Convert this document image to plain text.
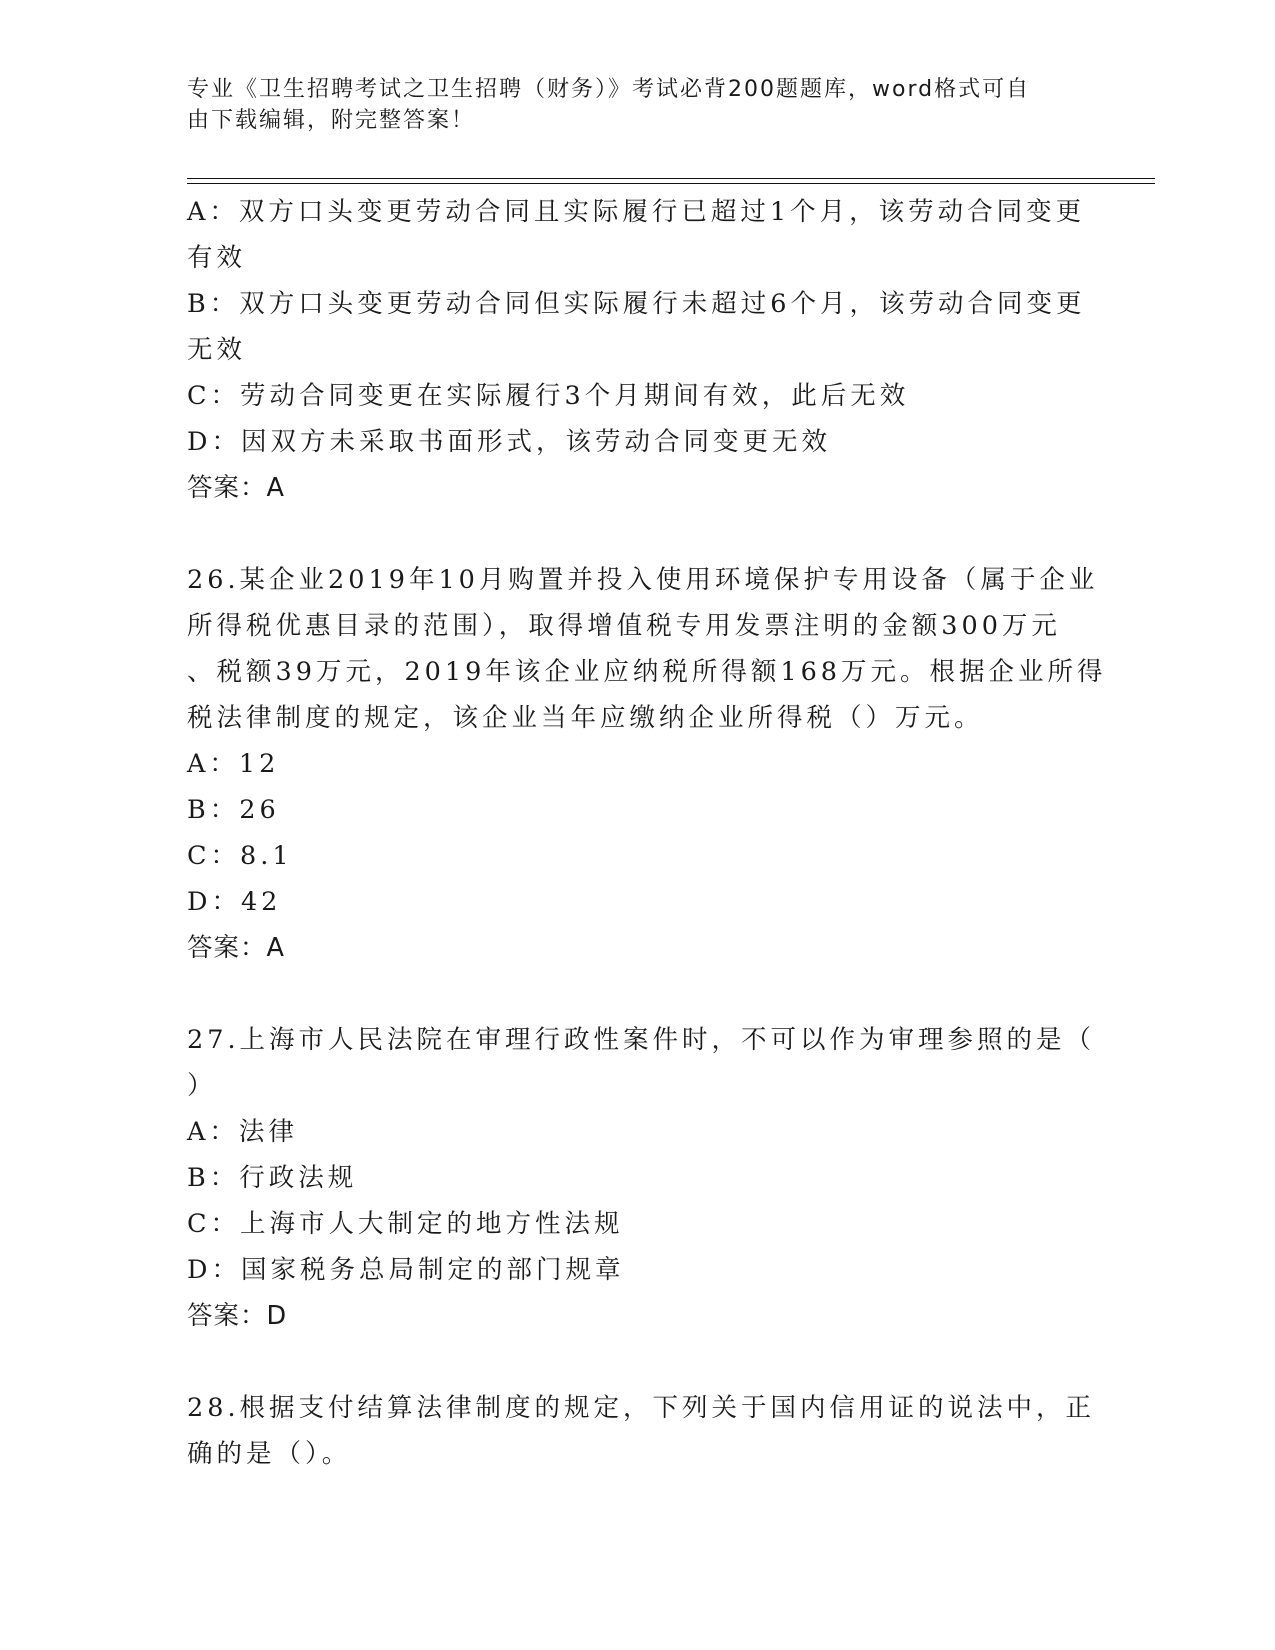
专业《卫生招聘考试之卫生招聘（财务）》考试必背200题题库，word格式可自
由下载编辑，附完整答案！
A：双方口头变更劳动合同且实际履行已超过1个月，该劳动合同变更
有效
B：双方口头变更劳动合同但实际履行未超过6个月，该劳动合同变更
无效
C：劳动合同变更在实际履行3个月期间有效，此后无效
D：因双方未采取书面形式，该劳动合同变更无效
答案：A
26.某企业2019年10月购置并投入使用环境保护专用设备（属于企业
所得税优惠目录的范围），取得增值税专用发票注明的金额300万元
、税额39万元，2019年该企业应纳税所得额168万元。根据企业所得
税法律制度的规定，该企业当年应缴纳企业所得税（）万元。
A：12
B：26
C：8.1
D：42
答案：A
27.上海市人民法院在审理行政性案件时，不可以作为审理参照的是（
）
A：法律
B：行政法规
C：上海市人大制定的地方性法规
D：国家税务总局制定的部门规章
答案：D
28.根据支付结算法律制度的规定，下列关于国内信用证的说法中，正
确的是（）。
